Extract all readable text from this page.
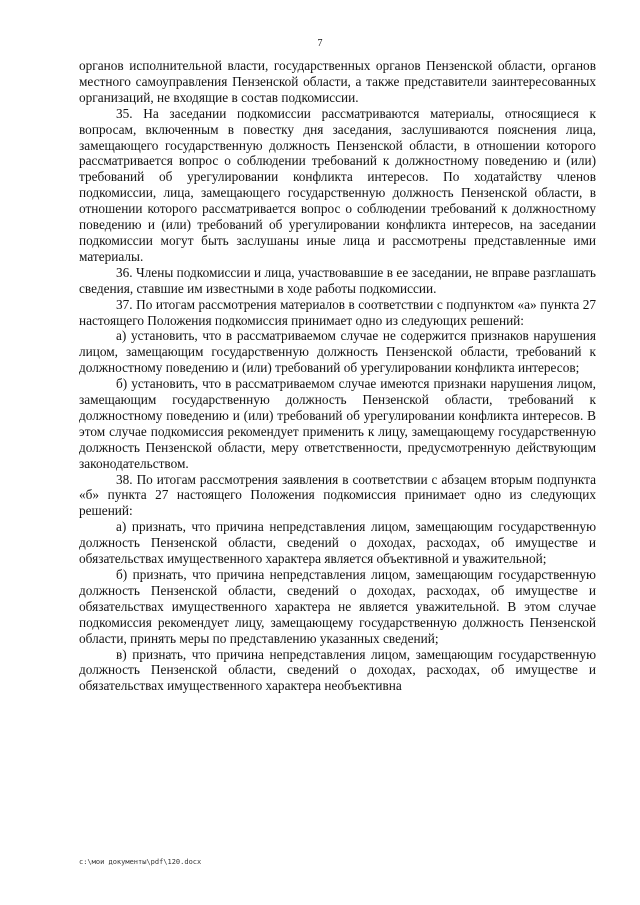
7

органов исполнительной власти, государственных органов Пензенской области, органов местного самоуправления Пензенской области, а также представители заинтересованных организаций, не входящие в состав подкомиссии.

35. На заседании подкомиссии рассматриваются материалы, относящиеся к вопросам, включенным в повестку дня заседания, заслушиваются пояснения лица, замещающего государственную должность Пензенской области, в отношении которого рассматривается вопрос о соблюдении требований к должностному поведению и (или) требований об урегулировании конфликта интересов. По ходатайству членов подкомиссии, лица, замещающего государственную должность Пензенской области, в отношении которого рассматривается вопрос о соблюдении требований к должностному поведению и (или) требований об урегулировании конфликта интересов, на заседании подкомиссии могут быть заслушаны иные лица и рассмотрены представленные ими материалы.

36. Члены подкомиссии и лица, участвовавшие в ее заседании, не вправе разглашать сведения, ставшие им известными в ходе работы подкомиссии.

37. По итогам рассмотрения материалов в соответствии с подпунктом «а» пункта 27 настоящего Положения подкомиссия принимает одно из следующих решений:

а) установить, что в рассматриваемом случае не содержится признаков нарушения лицом, замещающим государственную должность Пензенской области, требований к должностному поведению и (или) требований об урегулировании конфликта интересов;

б) установить, что в рассматриваемом случае имеются признаки нарушения лицом, замещающим государственную должность Пензенской области, требований к должностному поведению и (или) требований об урегулировании конфликта интересов. В этом случае подкомиссия рекомендует применить к лицу, замещающему государственную должность Пензенской области, меру ответственности, предусмотренную действующим законодательством.

38. По итогам рассмотрения заявления в соответствии с абзацем вторым подпункта «б» пункта 27 настоящего Положения подкомиссия принимает одно из следующих решений:

а) признать, что причина непредставления лицом, замещающим государственную должность Пензенской области, сведений о доходах, расходах, об имуществе и обязательствах имущественного характера является объективной и уважительной;

б) признать, что причина непредставления лицом, замещающим государственную должность Пензенской области, сведений о доходах, расходах, об имуществе и обязательствах имущественного характера не является уважительной. В этом случае подкомиссия рекомендует лицу, замещающему государственную должность Пензенской области, принять меры по представлению указанных сведений;

в) признать, что причина непредставления лицом, замещающим государственную должность Пензенской области, сведений о доходах, расходах, об имуществе и обязательствах имущественного характера необъективна

c:\мои документы\pdf\120.docx
